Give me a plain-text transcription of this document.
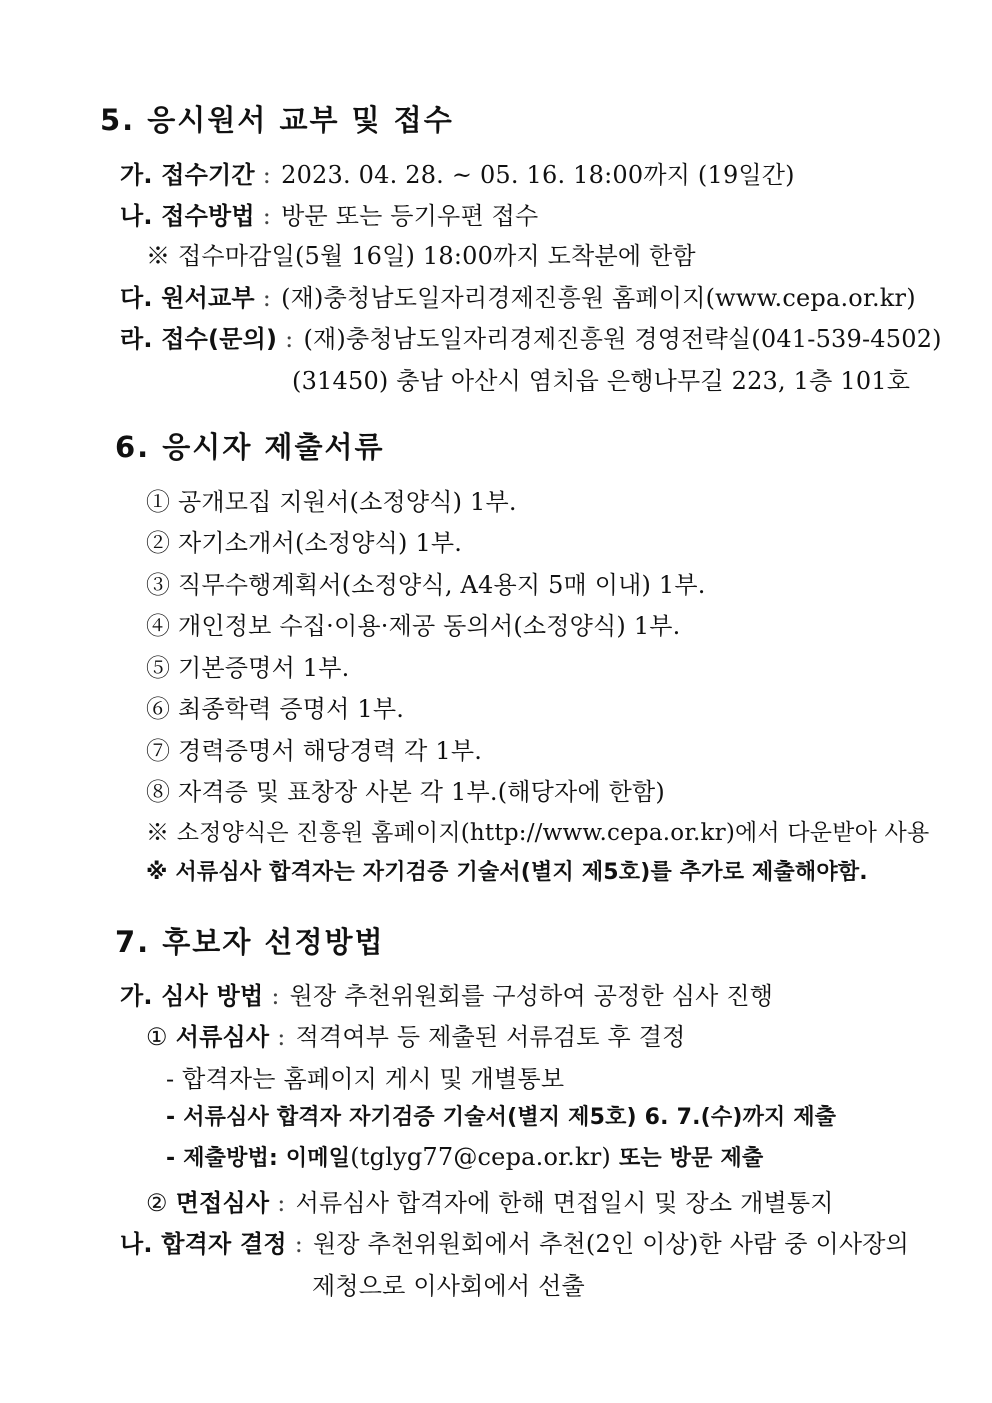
5. 응시원서 교부 및 접수
가. 접수기간 : 2023. 04. 28. ~ 05. 16. 18:00까지 (19일간)
나. 접수방법 : 방문 또는 등기우편 접수
※ 접수마감일(5월 16일) 18:00까지 도착분에 한함
다. 원서교부 : (재)충청남도일자리경제진흥원 홈페이지(www.cepa.or.kr)
라. 접수(문의) : (재)충청남도일자리경제진흥원 경영전략실(041-539-4502)
(31450) 충남 아산시 염치읍 은행나무길 223, 1층 101호
6. 응시자 제출서류
① 공개모집 지원서(소정양식) 1부.
② 자기소개서(소정양식) 1부.
③ 직무수행계획서(소정양식, A4용지 5매 이내) 1부.
④ 개인정보 수집·이용·제공 동의서(소정양식) 1부.
⑤ 기본증명서 1부.
⑥ 최종학력 증명서 1부.
⑦ 경력증명서 해당경력 각 1부.
⑧ 자격증 및 표창장 사본 각 1부.(해당자에 한함)
※ 소정양식은 진흥원 홈페이지(http://www.cepa.or.kr)에서 다운받아 사용
※ 서류심사 합격자는 자기검증 기술서(별지 제5호)를 추가로 제출해야함.
7. 후보자 선정방법
가. 심사 방법 : 원장 추천위원회를 구성하여 공정한 심사 진행
① 서류심사 : 적격여부 등 제출된 서류검토 후 결정
- 합격자는 홈페이지 게시 및 개별통보
- 서류심사 합격자 자기검증 기술서(별지 제5호) 6. 7.(수)까지 제출
- 제출방법: 이메일(tglyg77@cepa.or.kr) 또는 방문 제출
② 면접심사 : 서류심사 합격자에 한해 면접일시 및 장소 개별통지
나. 합격자 결정 : 원장 추천위원회에서 추천(2인 이상)한 사람 중 이사장의
제청으로 이사회에서 선출
